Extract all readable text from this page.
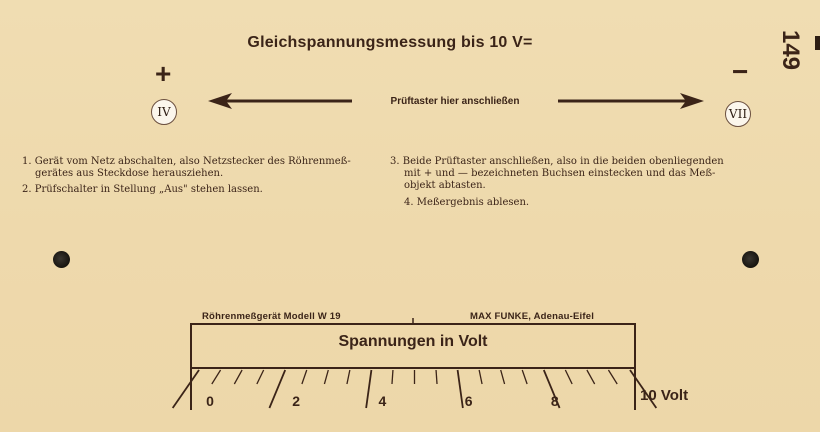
Gleichspannungsmessung bis 10 V=	149
+	−
IV	VII
Prüftaster hier anschließen
1. Gerät vom Netz abschalten, also Netzstecker des Röhrenmeß-
gerätes aus Steckdose herausziehen.
2. Prüfschalter in Stellung „Aus" stehen lassen.
3. Beide Prüftaster anschließen, also in die beiden obenliegenden
mit + und — bezeichneten Buchsen einstecken und das Meß-
objekt abtasten.
4. Meßergebnis ablesen.
Röhrenmeßgerät Modell W 19	MAX FUNKE, Adenau-Eifel
0	2	4	6	8
Spannungen in Volt
10 Volt
